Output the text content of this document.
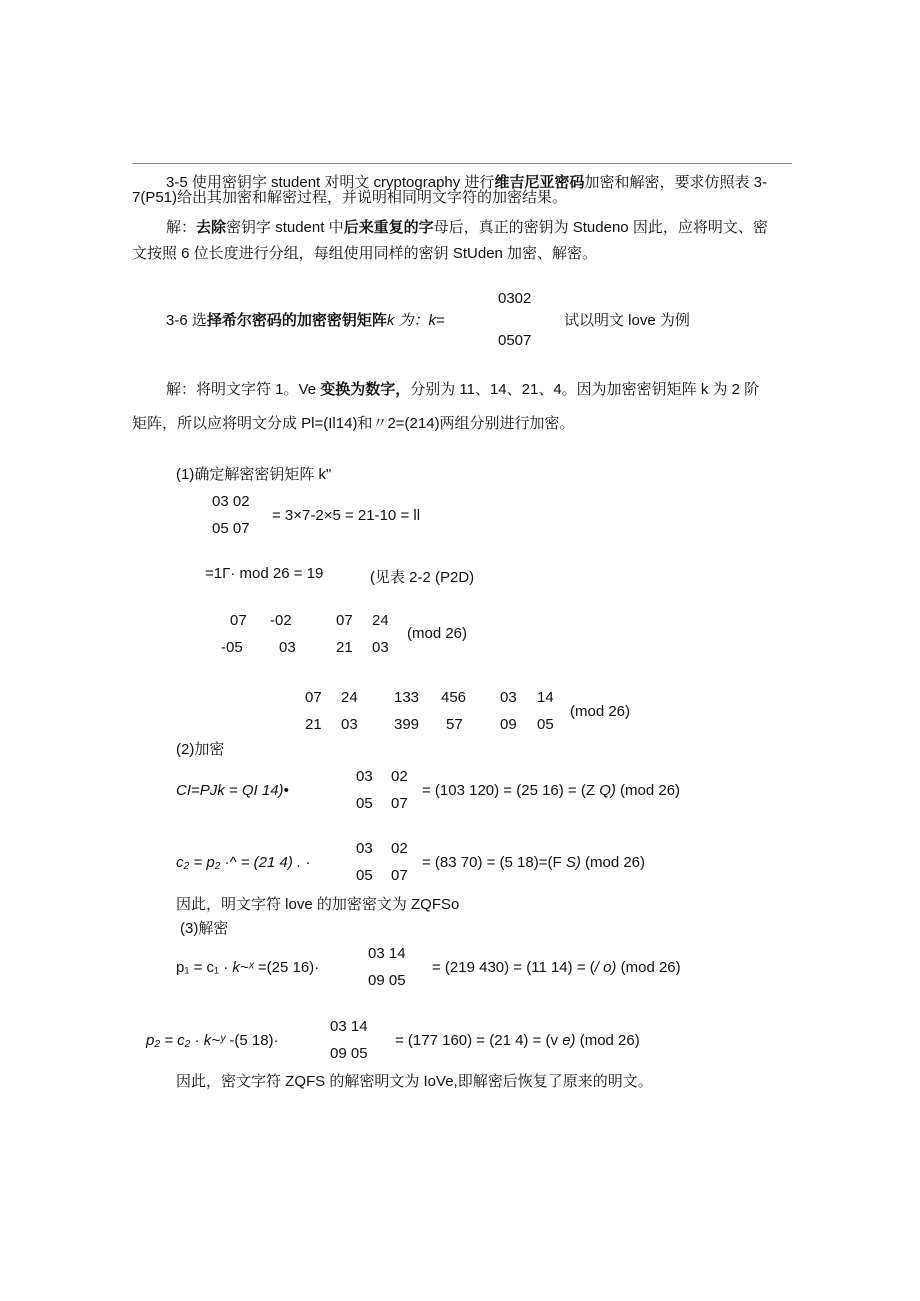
3-5 使用密钥字 student 对明文 cryptography 进行维吉尼亚密码加密和解密，要求仿照表 3-
7(P51)给出其加密和解密过程，并说明相同明文字符的加密结果。
解：去除密钥字 student 中后来重复的字母后，真正的密钥为 Studeno 因此，应将明文、密
文按照 6 位长度进行分组，每组使用同样的密钥 StUden 加密、解密。
0302
3-6 选择希尔密码的加密密钥矩阵k 为：k=	试以明文 love 为例
0507
解：将明文字符 1。Ve 变换为数字，分别为 11、14、21、4。因为加密密钥矩阵 k 为 2 阶
矩阵，所以应将明文分成 Pl=(Il14)和〃2=(214)两组分别进行加密。
(1)确定解密密钥矩阵 k"
03 02
05 07
= 3×7-2×5 = 21-10 = ll
=1Γ· mod 26 = 19	(见表 2-2 (P2D)
07 -02
-05 03
07 24
21 03
(mod 26)
07 24
21 03
133 456
399 57
03 14
09 05
(mod 26)
(2)加密
CI=PJk = QI 14)•
03 02
05 07
= (103 120) = (25 16) = (Z Q) (mod 26)
c₂ = p₂ ·^ = (21 4) . ·
03 02
05 07
= (83 70) = (5 18)=(F S) (mod 26)
因此，明文字符 love 的加密密文为 ZQFSo
(3)解密
p₁ = c₁ · k~ˣ =(25 16)·
03 14
09 05
= (219 430) = (11 14) = (/ o) (mod 26)
p₂ = c₂ · k~ʸ -(5 18)·
03 14
09 05
= (177 160) = (21 4) = (v e) (mod 26)
因此，密文字符 ZQFS 的解密明文为 IoVe,即解密后恢复了原来的明文。
